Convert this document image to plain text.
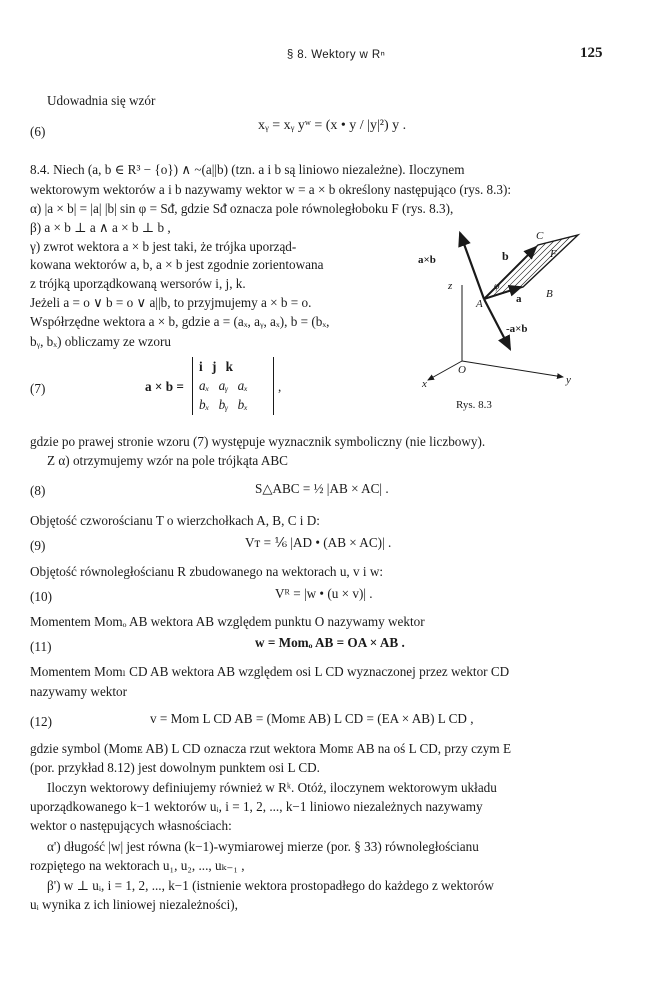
§ 8. Wektory w Rⁿ	125
Udowadnia się wzór
(6)	xᵧ = xᵧ yʷ = (x • y / |y|²) y .
8.4. Niech (a, b ∈ R³ − {o}) ∧ ~(a||b) (tzn. a i b są liniowo niezależne). Iloczynem
wektorowym wektorów a i b nazywamy wektor w = a × b określony następująco (rys. 8.3):
α) |a × b| = |a| |b| sin φ = Sᵭ, gdzie Sᵭ oznacza pole równoległoboku F (rys. 8.3),
β) a × b ⊥ a ∧ a × b ⊥ b ,
γ) zwrot wektora a × b jest taki, że trójka uporząd-
kowana wektorów a, b, a × b jest zgodnie zorientowana
z trójką uporządkowaną wersorów i, j, k.
Jeżeli a = o ∨ b = o ∨ a||b, to przyjmujemy a × b = o.
Współrzędne wektora a × b, gdzie a = (aₓ, aᵧ, aₓ), b = (bₓ,
bᵧ, bₓ) obliczamy ze wzoru
(7)	a × b =
i j k
aₓ aᵧ aₓ
bₓ bᵧ bₓ
,
a×b	b
C
F
z
A
φ
a B
-a×b
O
x	y
Rys. 8.3
gdzie po prawej stronie wzoru (7) występuje wyznacznik symboliczny (nie liczbowy).
Z α) otrzymujemy wzór na pole trójkąta ABC
(8)	S△ABC = ½ |AB × AC| .
Objętość czworościanu T o wierzchołkach A, B, C i D:
(9)	Vᴛ = ⅙ |AD • (AB × AC)| .
Objętość równoległościanu R zbudowanego na wektorach u, v i w:
(10)	Vᴿ = |w • (u × v)| .
Momentem Momₒ AB wektora AB względem punktu O nazywamy wektor
(11)	w = Momₒ AB = OA × AB .
Momentem Momₗ CD AB wektora AB względem osi L CD wyznaczonej przez wektor CD
nazywamy wektor
(12)	v = Mom L CD AB = (Momᴇ AB) L CD = (EA × AB) L CD ,
gdzie symbol (Momᴇ AB) L CD oznacza rzut wektora Momᴇ AB na oś L CD, przy czym E
(por. przykład 8.12) jest dowolnym punktem osi L CD.
Iloczyn wektorowy definiujemy również w Rᵏ. Otóż, iloczynem wektorowym układu
uporządkowanego k−1 wektorów uᵢ, i = 1, 2, ..., k−1 liniowo niezależnych nazywamy
wektor o następujących własnościach:
α') długość |w| jest równa (k−1)-wymiarowej mierze (por. § 33) równoległościanu
rozpiętego na wektorach u₁, u₂, ..., uₖ₋₁ ,
β') w ⊥ uᵢ, i = 1, 2, ..., k−1 (istnienie wektora prostopadłego do każdego z wektorów
uᵢ wynika z ich liniowej niezależności),
